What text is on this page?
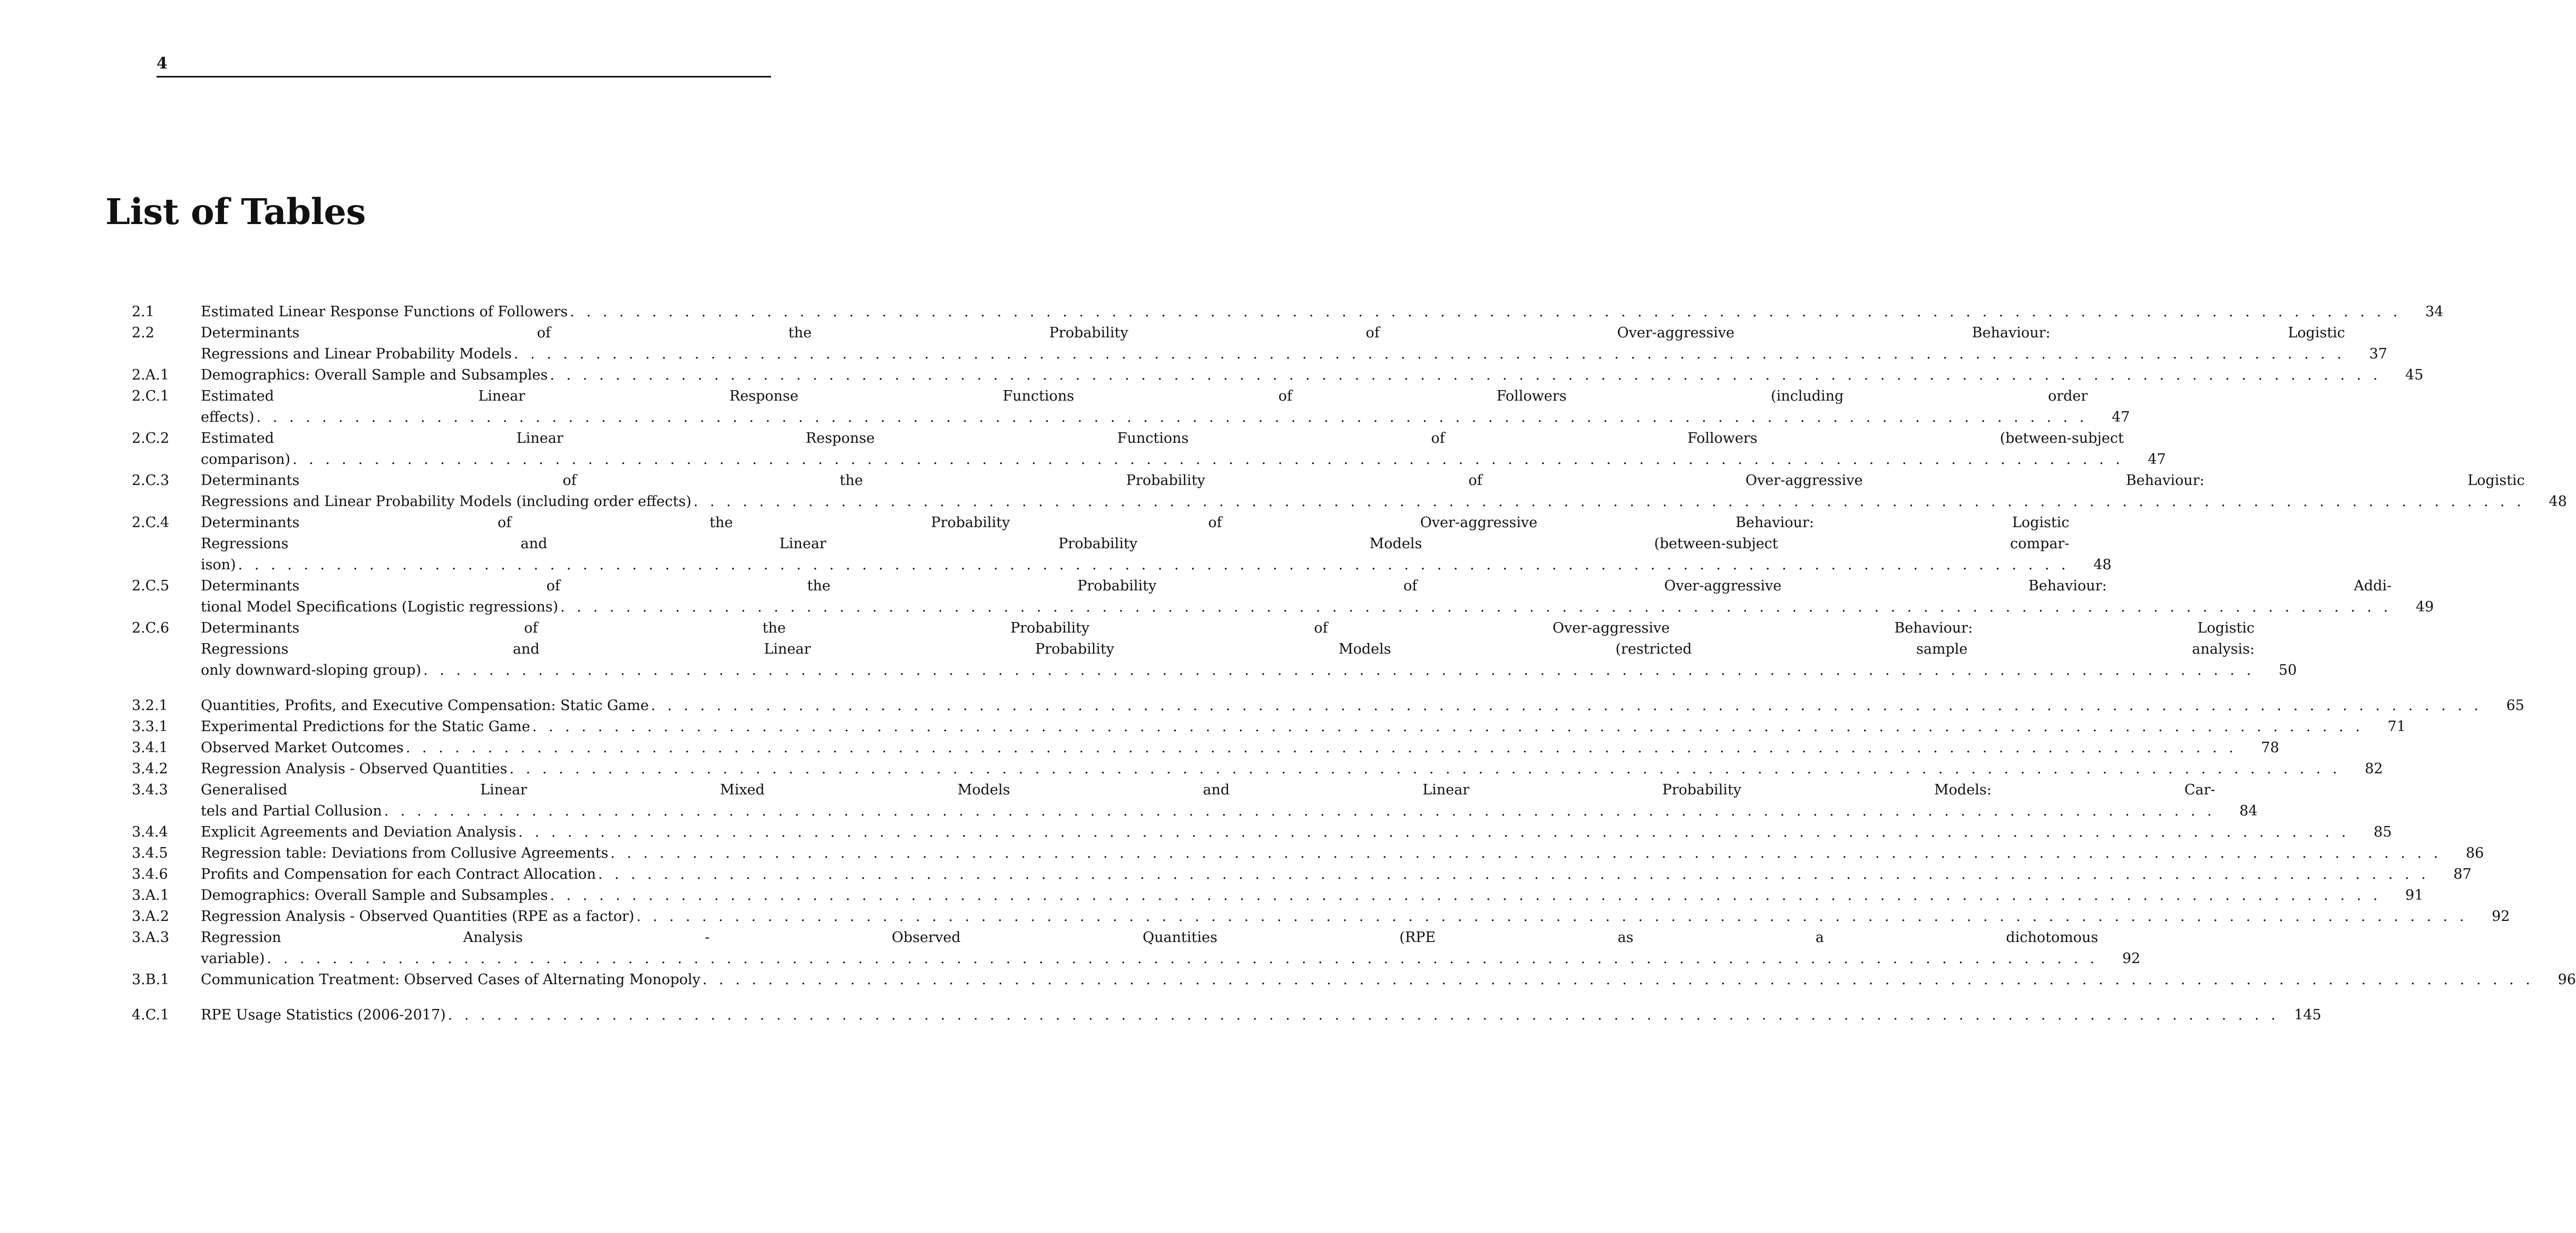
4
List of Tables
2.1	Estimated Linear Response Functions of Followers . . .	34
2.2	Determinants of the Probability of Over-aggressive Behaviour: Logistic
Regressions and Linear Probability Models . . .	37
2.A.1	Demographics: Overall Sample and Subsamples . . .	45
2.C.1	Estimated Linear Response Functions of Followers (including order
effects) . . .	47
2.C.2	Estimated Linear Response Functions of Followers (between-subject
comparison) . . .	47
2.C.3	Determinants of the Probability of Over-aggressive Behaviour: Logistic
Regressions and Linear Probability Models (including order effects) . . .	48
2.C.4	Determinants of the Probability of Over-aggressive Behaviour: Logistic
Regressions and Linear Probability Models (between-subject compar-
ison) . . .	48
2.C.5	Determinants of the Probability of Over-aggressive Behaviour: Addi-
tional Model Specifications (Logistic regressions) . . .	49
2.C.6	Determinants of the Probability of Over-aggressive Behaviour: Logistic
Regressions and Linear Probability Models (restricted sample analysis:
only downward-sloping group) . . .	50
3.2.1	Quantities, Profits, and Executive Compensation: Static Game . . .	65
3.3.1	Experimental Predictions for the Static Game . . .	71
3.4.1	Observed Market Outcomes . . .	78
3.4.2	Regression Analysis - Observed Quantities . . .	82
3.4.3	Generalised Linear Mixed Models and Linear Probability Models: Car-
tels and Partial Collusion . . .	84
3.4.4	Explicit Agreements and Deviation Analysis . . .	85
3.4.5	Regression table: Deviations from Collusive Agreements . . .	86
3.4.6	Profits and Compensation for each Contract Allocation . . .	87
3.A.1	Demographics: Overall Sample and Subsamples . . .	91
3.A.2	Regression Analysis - Observed Quantities (RPE as a factor) . . .	92
3.A.3	Regression Analysis - Observed Quantities (RPE as a dichotomous
variable) . . .	92
3.B.1	Communication Treatment: Observed Cases of Alternating Monopoly . . .	96
4.C.1	RPE Usage Statistics (2006-2017) . . .	145
